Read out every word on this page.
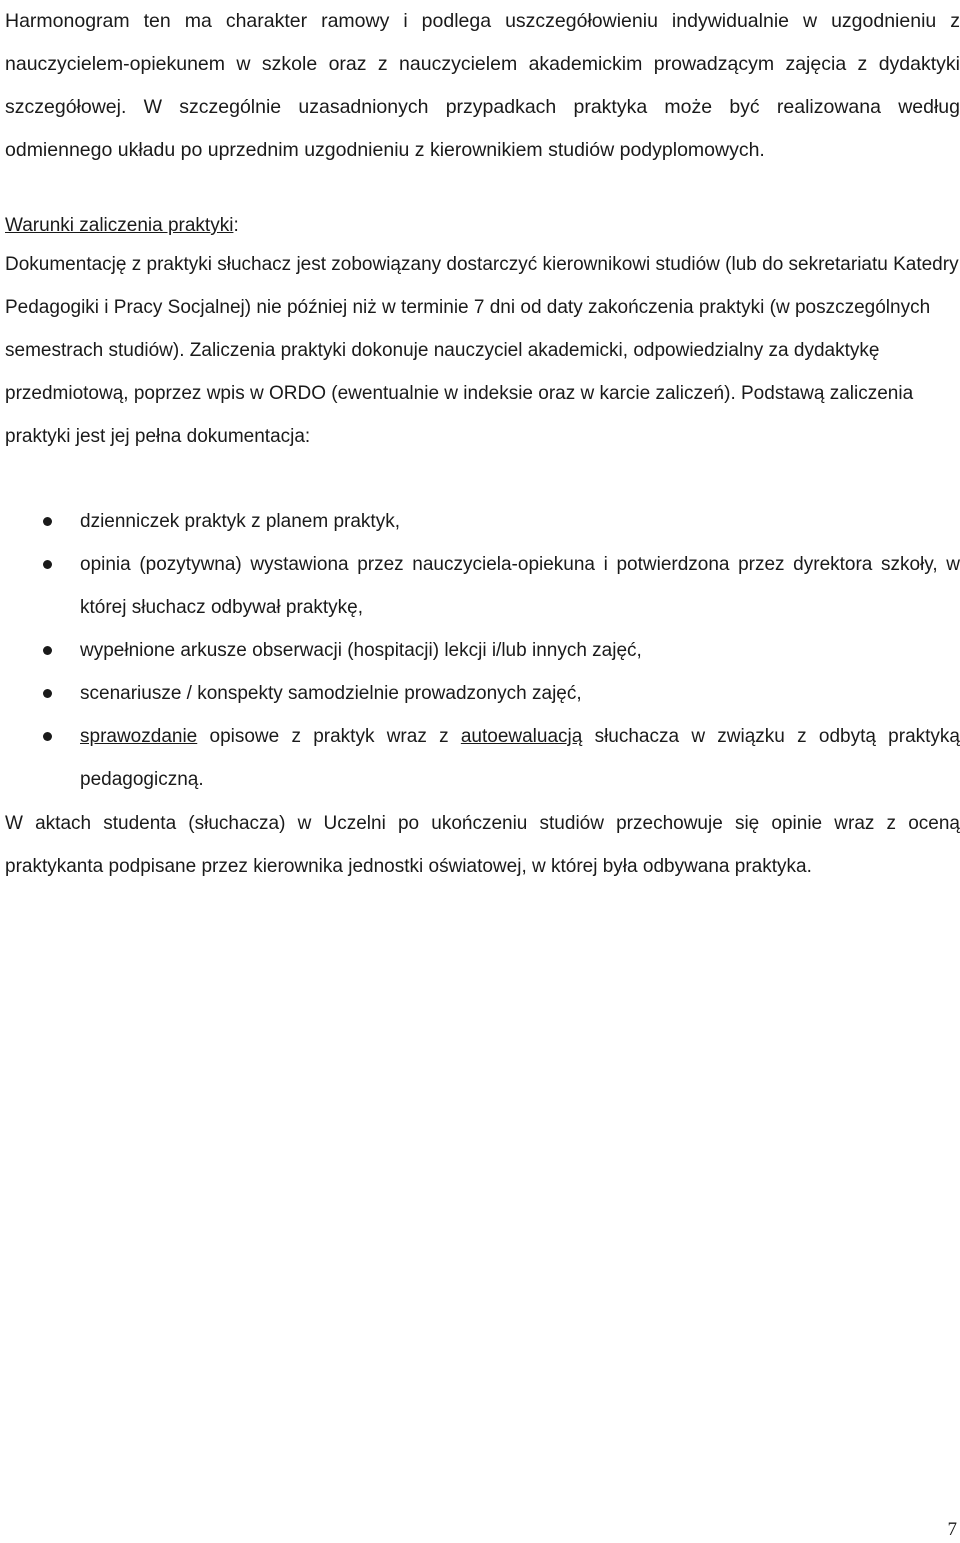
Harmonogram ten ma charakter ramowy i podlega uszczegółowieniu indywidualnie w uzgodnieniu z nauczycielem-opiekunem w szkole oraz z nauczycielem akademickim prowadzącym zajęcia z dydaktyki szczegółowej. W szczególnie uzasadnionych przypadkach praktyka może być realizowana według odmiennego układu po uprzednim uzgodnieniu z kierownikiem studiów podyplomowych.

Warunki zaliczenia praktyki:

Dokumentację z praktyki słuchacz jest zobowiązany dostarczyć kierownikowi studiów (lub do sekretariatu Katedry Pedagogiki i Pracy Socjalnej) nie później niż w terminie 7 dni od daty zakończenia praktyki (w poszczególnych semestrach studiów). Zaliczenia praktyki dokonuje nauczyciel akademicki, odpowiedzialny za dydaktykę przedmiotową, poprzez wpis w ORDO (ewentualnie w indeksie oraz w karcie zaliczeń). Podstawą zaliczenia praktyki jest jej pełna dokumentacja:

dzienniczek praktyk z planem praktyk,
opinia (pozytywna) wystawiona przez nauczyciela-opiekuna i potwierdzona przez dyrektora szkoły, w której słuchacz odbywał praktykę,
wypełnione arkusze obserwacji (hospitacji) lekcji i/lub innych zajęć,
scenariusze / konspekty samodzielnie prowadzonych zajęć,
sprawozdanie opisowe z praktyk wraz z autoewaluacją słuchacza w związku z odbytą praktyką pedagogiczną.

W aktach studenta (słuchacza) w Uczelni po ukończeniu studiów przechowuje się opinie wraz z oceną praktykanta podpisane przez kierownika jednostki oświatowej, w której była odbywana praktyka.

7
